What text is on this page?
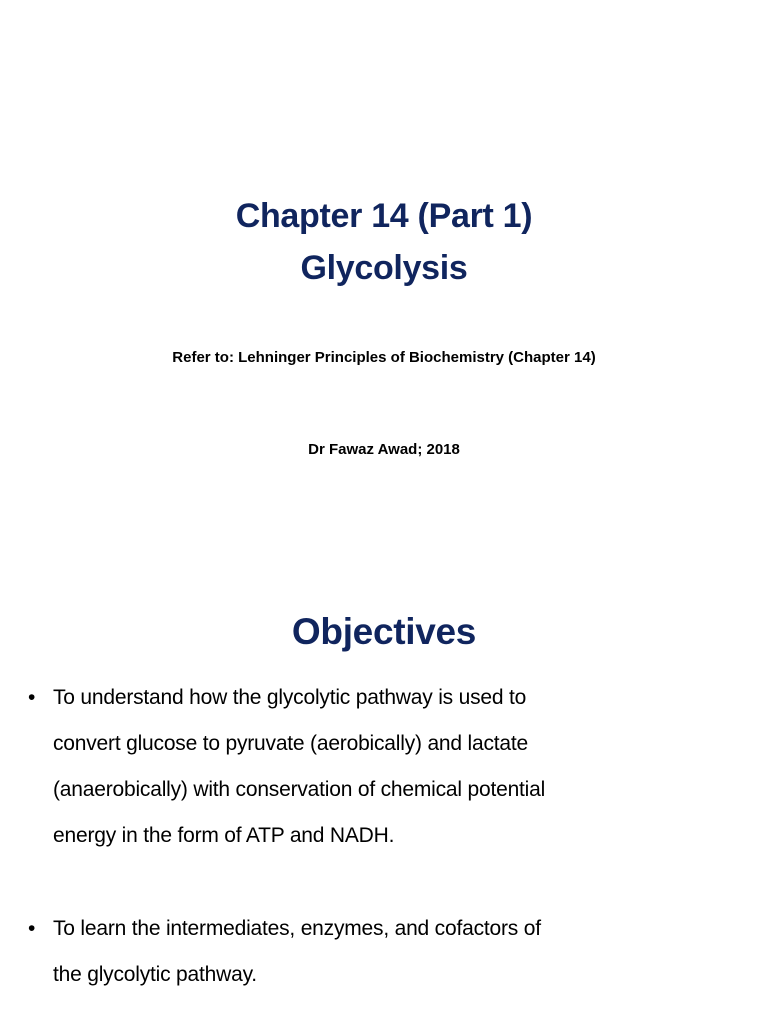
Chapter 14 (Part 1)
Glycolysis
Refer to: Lehninger Principles of Biochemistry (Chapter 14)
Dr Fawaz Awad; 2018
Objectives
• To understand how the glycolytic pathway is used to
convert glucose to pyruvate (aerobically) and lactate
(anaerobically) with conservation of chemical potential
energy in the form of ATP and NADH.
• To learn the intermediates, enzymes, and cofactors of
the glycolytic pathway.
